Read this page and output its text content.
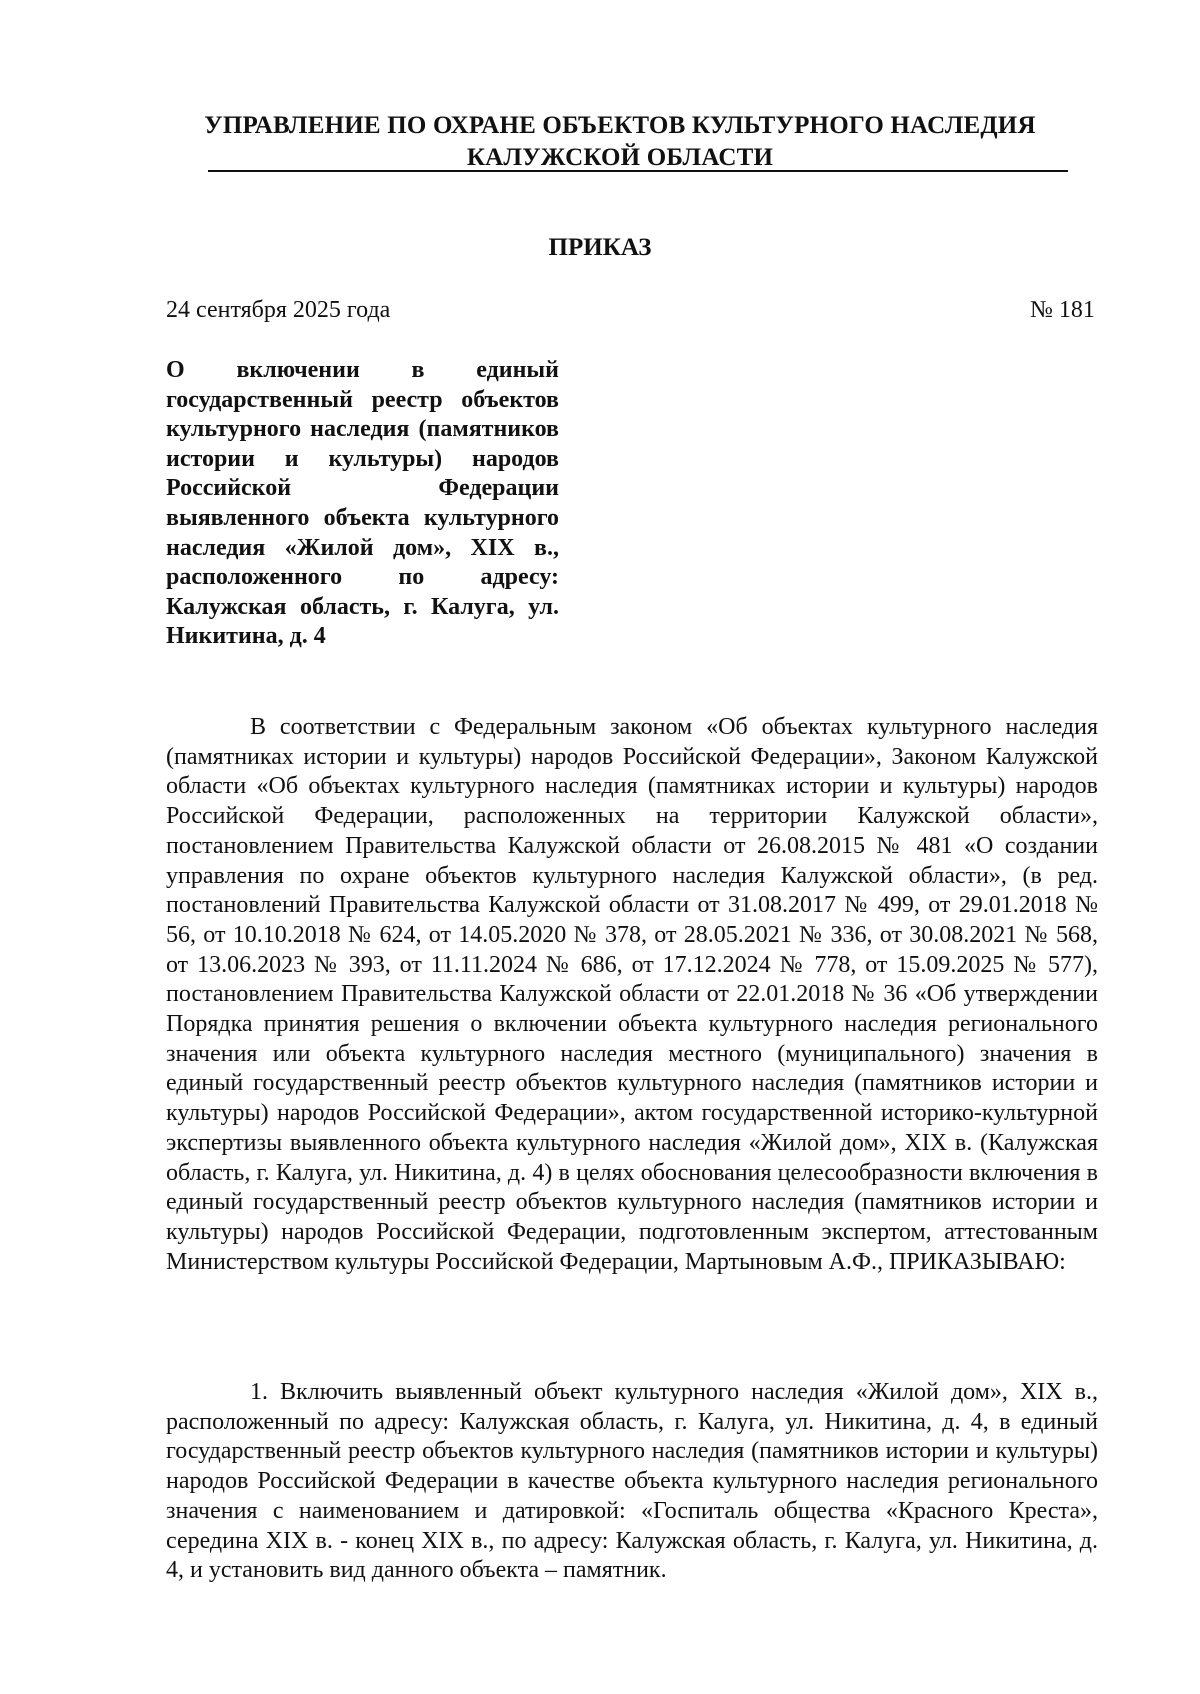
УПРАВЛЕНИЕ ПО ОХРАНЕ ОБЪЕКТОВ КУЛЬТУРНОГО НАСЛЕДИЯ
КАЛУЖСКОЙ ОБЛАСТИ
ПРИКАЗ
24 сентября 2025 года	№ 181
О включении в единый государственный реестр объектов культурного наследия (памятников истории и культуры) народов Российской Федерации выявленного объекта культурного наследия «Жилой дом», XIX в., расположенного по адресу: Калужская область, г. Калуга, ул. Никитина, д. 4
В соответствии с Федеральным законом «Об объектах культурного наследия (памятниках истории и культуры) народов Российской Федерации», Законом Калужской области «Об объектах культурного наследия (памятниках истории и культуры) народов Российской Федерации, расположенных на территории Калужской области», постановлением Правительства Калужской области от 26.08.2015 № 481 «О создании управления по охране объектов культурного наследия Калужской области», (в ред. постановлений Правительства Калужской области от 31.08.2017 № 499, от 29.01.2018 № 56, от 10.10.2018 № 624, от 14.05.2020 № 378, от 28.05.2021 № 336, от 30.08.2021 № 568, от 13.06.2023 № 393, от 11.11.2024 № 686, от 17.12.2024 № 778, от 15.09.2025 № 577), постановлением Правительства Калужской области от 22.01.2018 № 36 «Об утверждении Порядка принятия решения о включении объекта культурного наследия регионального значения или объекта культурного наследия местного (муниципального) значения в единый государственный реестр объектов культурного наследия (памятников истории и культуры) народов Российской Федерации», актом государственной историко-культурной экспертизы выявленного объекта культурного наследия «Жилой дом», XIX в. (Калужская область, г. Калуга, ул. Никитина, д. 4) в целях обоснования целесообразности включения в единый государственный реестр объектов культурного наследия (памятников истории и культуры) народов Российской Федерации, подготовленным экспертом, аттестованным Министерством культуры Российской Федерации, Мартыновым А.Ф., ПРИКАЗЫВАЮ:
1. Включить выявленный объект культурного наследия «Жилой дом», XIX в., расположенный по адресу: Калужская область, г. Калуга, ул. Никитина, д. 4, в единый государственный реестр объектов культурного наследия (памятников истории и культуры) народов Российской Федерации в качестве объекта культурного наследия регионального значения с наименованием и датировкой: «Госпиталь общества «Красного Креста», середина XIX в. - конец XIX в., по адресу: Калужская область, г. Калуга, ул. Никитина, д. 4, и установить вид данного объекта – памятник.
